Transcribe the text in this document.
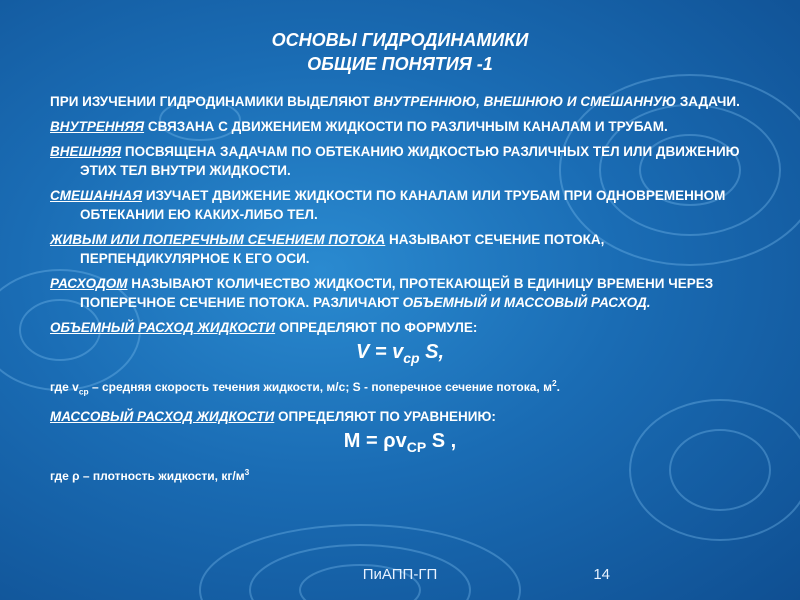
ОСНОВЫ ГИДРОДИНАМИКИ
ОБЩИЕ ПОНЯТИЯ -1

ПРИ ИЗУЧЕНИИ ГИДРОДИНАМИКИ ВЫДЕЛЯЮТ ВНУТРЕННЮЮ, ВНЕШНЮЮ И СМЕШАННУЮ ЗАДАЧИ.

ВНУТРЕННЯЯ СВЯЗАНА С ДВИЖЕНИЕМ ЖИДКОСТИ ПО РАЗЛИЧНЫМ КАНАЛАМ И ТРУБАМ.

ВНЕШНЯЯ ПОСВЯЩЕНА ЗАДАЧАМ ПО ОБТЕКАНИЮ ЖИДКОСТЬЮ РАЗЛИЧНЫХ ТЕЛ ИЛИ ДВИЖЕНИЮ ЭТИХ ТЕЛ ВНУТРИ ЖИДКОСТИ.

СМЕШАННАЯ ИЗУЧАЕТ ДВИЖЕНИЕ ЖИДКОСТИ ПО КАНАЛАМ ИЛИ ТРУБАМ ПРИ ОДНОВРЕМЕННОМ ОБТЕКАНИИ ЕЮ КАКИХ-ЛИБО ТЕЛ.

ЖИВЫМ ИЛИ ПОПЕРЕЧНЫМ СЕЧЕНИЕМ ПОТОКА НАЗЫВАЮТ СЕЧЕНИЕ ПОТОКА, ПЕРПЕНДИКУЛЯРНОЕ К ЕГО ОСИ.

РАСХОДОМ НАЗЫВАЮТ КОЛИЧЕСТВО ЖИДКОСТИ, ПРОТЕКАЮЩЕЙ В ЕДИНИЦУ ВРЕМЕНИ ЧЕРЕЗ ПОПЕРЕЧНОЕ СЕЧЕНИЕ ПОТОКА. РАЗЛИЧАЮТ ОБЪЕМНЫЙ И МАССОВЫЙ РАСХОД.

ОБЪЕМНЫЙ РАСХОД ЖИДКОСТИ ОПРЕДЕЛЯЮТ ПО ФОРМУЛЕ:

$V = v_{ср}$ S,

где $v_{ср}$ – средняя скорость течения жидкости, м/с; S - поперечное сечение потока, $м^2$.

МАССОВЫЙ РАСХОД ЖИДКОСТИ ОПРЕДЕЛЯЮТ ПО УРАВНЕНИЮ:

$M = \rho v_{СР}$ S ,

где ρ – плотность жидкости, $кг/м^3$

ПиАПП-ГП	14
